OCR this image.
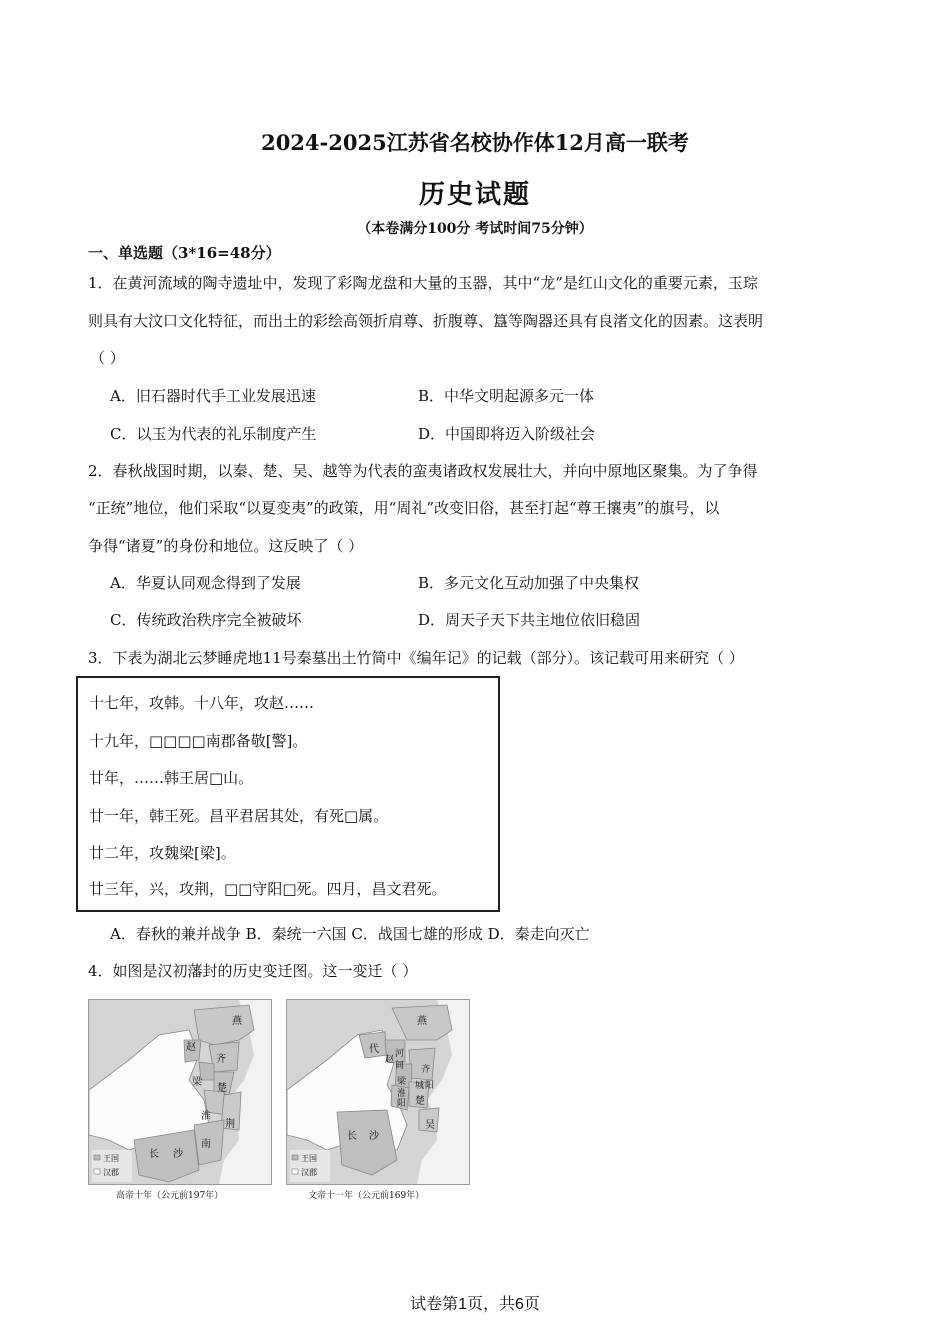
2024-2025江苏省名校协作体12月高一联考
历史试题
（本卷满分100分 考试时间75分钟）
一、单选题（3*16=48分）
1．在黄河流域的陶寺遗址中，发现了彩陶龙盘和大量的玉器，其中“龙”是红山文化的重要元素，玉琮
则具有大汶口文化特征，而出土的彩绘高领折肩尊、折腹尊、簋等陶器还具有良渚文化的因素。这表明
（ ）
A．旧石器时代手工业发展迅速	B．中华文明起源多元一体
C．以玉为代表的礼乐制度产生	D．中国即将迈入阶级社会
2．春秋战国时期，以秦、楚、吴、越等为代表的蛮夷诸政权发展壮大，并向中原地区聚集。为了争得
“正统”地位，他们采取“以夏变夷”的政策，用“周礼”改变旧俗，甚至打起“尊王攘夷”的旗号，以
争得“诸夏”的身份和地位。这反映了（ ）
A．华夏认同观念得到了发展	B．多元文化互动加强了中央集权
C．传统政治秩序完全被破坏	D．周天子天下共主地位依旧稳固
3．下表为湖北云梦睡虎地11号秦墓出土竹简中《编年记》的记载（部分）。该记载可用来研究（ ）
十七年，攻韩。十八年，攻赵……
十九年，□□□□南郡备敬[警]。
廿年，……韩王居□山。
廿一年，韩王死。昌平君居其处，有死□属。
廿二年，攻魏梁[梁]。
廿三年，兴，攻荆，□□守阳□死。四月，昌文君死。
A．春秋的兼并战争 B．秦统一六国 C．战国七雄的形成 D．秦走向灭亡
4．如图是汉初藩封的历史变迁图。这一变迁（ ）
燕
赵
齐
梁
楚
淮
荆
南
长 沙
王国
汉郡
高帝十年（公元前197年）
燕
代
赵
河
间 齐
城 阳
梁
淮
阳 楚
吴
长 沙
王国
汉郡
文帝十一年（公元前169年）
试卷第1页，共6页
